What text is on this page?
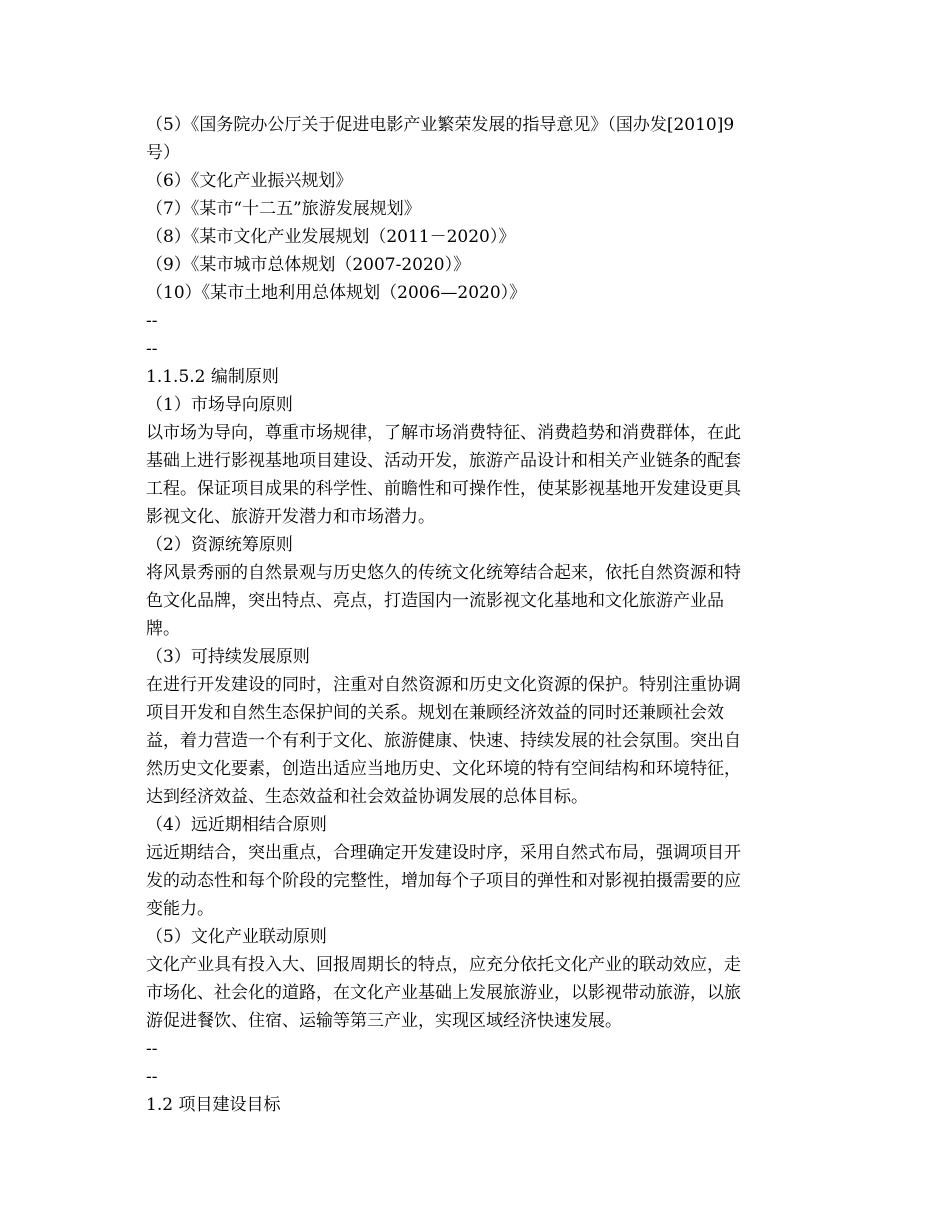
（5）《国务院办公厅关于促进电影产业繁荣发展的指导意见》（国办发[2010]9
号）
（6）《文化产业振兴规划》
（7）《某市“十二五”旅游发展规划》
（8）《某市文化产业发展规划（2011－2020）》
（9）《某市城市总体规划（2007-2020）》
（10）《某市土地利用总体规划（2006—2020）》
--
--
1.1.5.2 编制原则
（1）市场导向原则
以市场为导向，尊重市场规律，了解市场消费特征、消费趋势和消费群体，在此
基础上进行影视基地项目建设、活动开发，旅游产品设计和相关产业链条的配套
工程。保证项目成果的科学性、前瞻性和可操作性，使某影视基地开发建设更具
影视文化、旅游开发潜力和市场潜力。
（2）资源统筹原则
将风景秀丽的自然景观与历史悠久的传统文化统筹结合起来，依托自然资源和特
色文化品牌，突出特点、亮点，打造国内一流影视文化基地和文化旅游产业品
牌。
（3）可持续发展原则
在进行开发建设的同时，注重对自然资源和历史文化资源的保护。特别注重协调
项目开发和自然生态保护间的关系。规划在兼顾经济效益的同时还兼顾社会效
益，着力营造一个有利于文化、旅游健康、快速、持续发展的社会氛围。突出自
然历史文化要素，创造出适应当地历史、文化环境的特有空间结构和环境特征，
达到经济效益、生态效益和社会效益协调发展的总体目标。
（4）远近期相结合原则
远近期结合，突出重点，合理确定开发建设时序，采用自然式布局，强调项目开
发的动态性和每个阶段的完整性，增加每个子项目的弹性和对影视拍摄需要的应
变能力。
（5）文化产业联动原则
文化产业具有投入大、回报周期长的特点，应充分依托文化产业的联动效应，走
市场化、社会化的道路，在文化产业基础上发展旅游业，以影视带动旅游，以旅
游促进餐饮、住宿、运输等第三产业，实现区域经济快速发展。
--
--
1.2 项目建设目标
